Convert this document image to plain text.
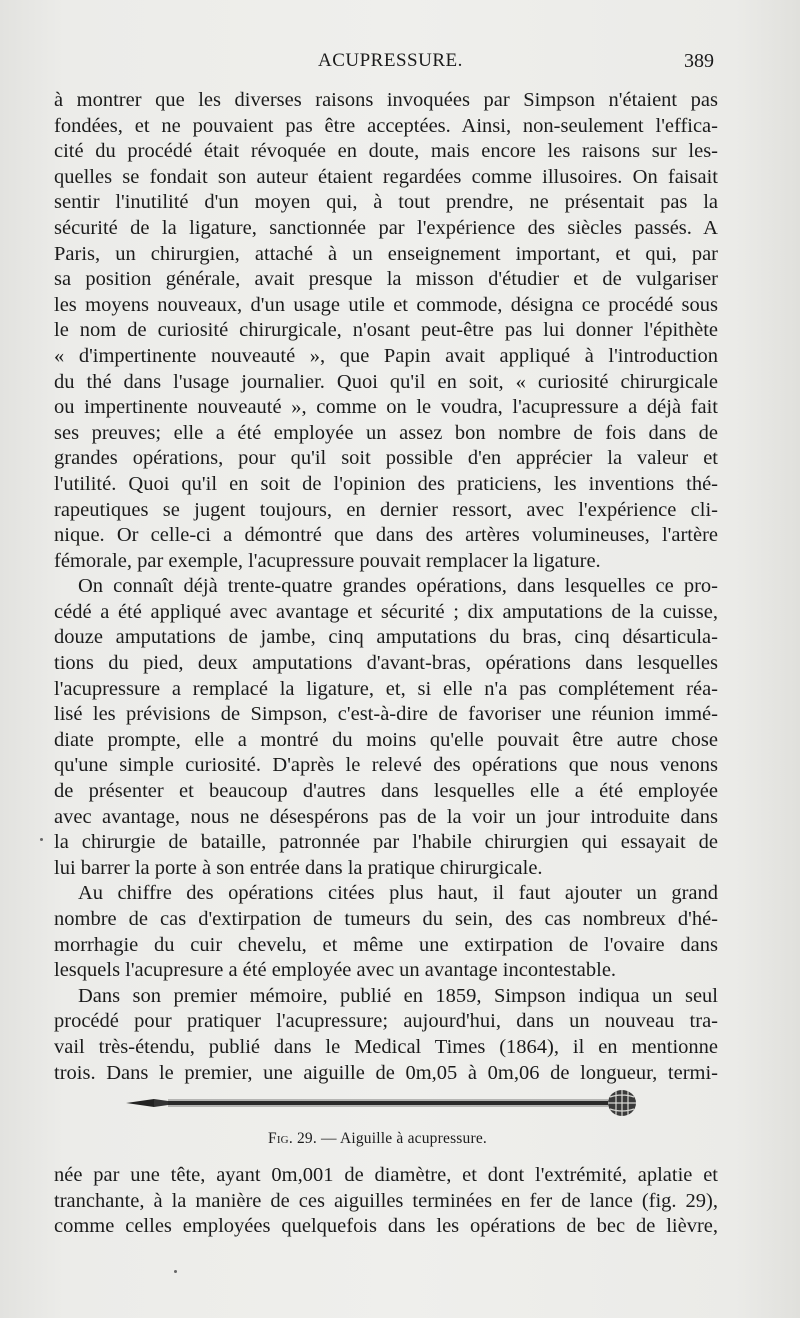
ACUPRESSURE.	389
à montrer que les diverses raisons invoquées par Simpson n'étaient pas
fondées, et ne pouvaient pas être acceptées. Ainsi, non-seulement l'effica-
cité du procédé était révoquée en doute, mais encore les raisons sur les-
quelles se fondait son auteur étaient regardées comme illusoires. On faisait
sentir l'inutilité d'un moyen qui, à tout prendre, ne présentait pas la
sécurité de la ligature, sanctionnée par l'expérience des siècles passés. A
Paris, un chirurgien, attaché à un enseignement important, et qui, par
sa position générale, avait presque la misson d'étudier et de vulgariser
les moyens nouveaux, d'un usage utile et commode, désigna ce procédé sous
le nom de curiosité chirurgicale, n'osant peut-être pas lui donner l'épithète
« d'impertinente nouveauté », que Papin avait appliqué à l'introduction
du thé dans l'usage journalier. Quoi qu'il en soit, « curiosité chirurgicale
ou impertinente nouveauté », comme on le voudra, l'acupressure a déjà fait
ses preuves; elle a été employée un assez bon nombre de fois dans de
grandes opérations, pour qu'il soit possible d'en apprécier la valeur et
l'utilité. Quoi qu'il en soit de l'opinion des praticiens, les inventions thé-
rapeutiques se jugent toujours, en dernier ressort, avec l'expérience cli-
nique. Or celle-ci a démontré que dans des artères volumineuses, l'artère
fémorale, par exemple, l'acupressure pouvait remplacer la ligature.
On connaît déjà trente-quatre grandes opérations, dans lesquelles ce pro-
cédé a été appliqué avec avantage et sécurité ; dix amputations de la cuisse,
douze amputations de jambe, cinq amputations du bras, cinq désarticula-
tions du pied, deux amputations d'avant-bras, opérations dans lesquelles
l'acupressure a remplacé la ligature, et, si elle n'a pas complétement réa-
lisé les prévisions de Simpson, c'est-à-dire de favoriser une réunion immé-
diate prompte, elle a montré du moins qu'elle pouvait être autre chose
qu'une simple curiosité. D'après le relevé des opérations que nous venons
de présenter et beaucoup d'autres dans lesquelles elle a été employée
avec avantage, nous ne désespérons pas de la voir un jour introduite dans
la chirurgie de bataille, patronnée par l'habile chirurgien qui essayait de
lui barrer la porte à son entrée dans la pratique chirurgicale.
Au chiffre des opérations citées plus haut, il faut ajouter un grand
nombre de cas d'extirpation de tumeurs du sein, des cas nombreux d'hé-
morrhagie du cuir chevelu, et même une extirpation de l'ovaire dans
lesquels l'acupresure a été employée avec un avantage incontestable.
Dans son premier mémoire, publié en 1859, Simpson indiqua un seul
procédé pour pratiquer l'acupressure; aujourd'hui, dans un nouveau tra-
vail très-étendu, publié dans le Medical Times (1864), il en mentionne
trois. Dans le premier, une aiguille de 0m,05 à 0m,06 de longueur, termi-
Fig. 29. — Aiguille à acupressure.
née par une tête, ayant 0m,001 de diamètre, et dont l'extrémité, aplatie et
tranchante, à la manière de ces aiguilles terminées en fer de lance (fig. 29),
comme celles employées quelquefois dans les opérations de bec de lièvre,
